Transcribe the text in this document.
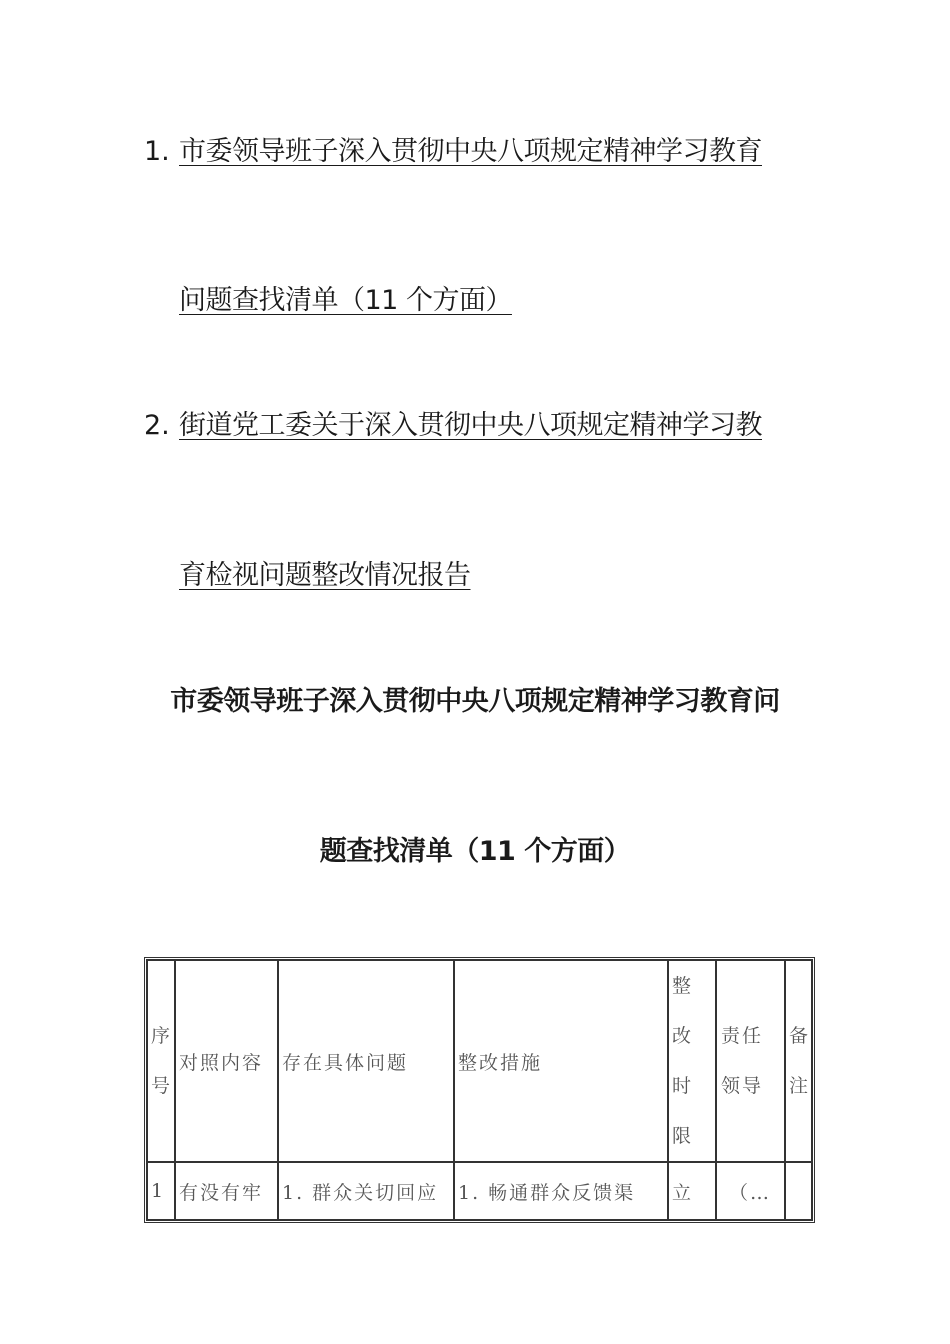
1. 市委领导班子深入贯彻中央八项规定精神学习教育
问题查找清单（11 个方面）
2. 街道党工委关于深入贯彻中央八项规定精神学习教
育检视问题整改情况报告
市委领导班子深入贯彻中央八项规定精神学习教育问
题查找清单（11 个方面）
序号	对照内容	存在具体问题	整改措施	整改时限	责任领导	备注
1	有没有牢	1. 群众关切回应	1. 畅通群众反馈渠	立	（…	
